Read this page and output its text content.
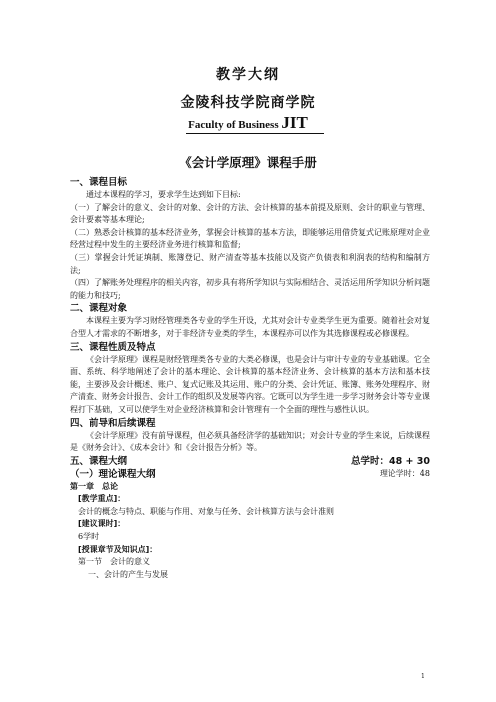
教学大纲
金陵科技学院商学院
Faculty of Business JIT
《会计学原理》课程手册
一、课程目标
通过本课程的学习，要求学生达到如下目标:
（一）了解会计的意义、会计的对象、会计的方法、会计核算的基本前提及原则、会计的职业与管理、会计要素等基本理论;
（二）熟悉会计核算的基本经济业务，掌握会计核算的基本方法，即能够运用借贷复式记账原理对企业经营过程中发生的主要经济业务进行核算和监督;
（三）掌握会计凭证填制、账簿登记、财产清查等基本技能以及资产负债表和利润表的结构和编制方法;
（四）了解账务处理程序的相关内容，初步具有将所学知识与实际相结合、灵活运用所学知识分析问题的能力和技巧;
二、课程对象
本课程主要为学习财经管理类各专业的学生开设，尤其对会计专业类学生更为重要。随着社会对复合型人才需求的不断增多，对于非经济专业类的学生，本课程亦可以作为其选修课程或必修课程。
三、课程性质及特点
《会计学原理》课程是财经管理类各专业的大类必修课，也是会计与审计专业的专业基础课。它全面、系统、科学地阐述了会计的基本理论、会计核算的基本经济业务、会计核算的基本方法和基本技能，主要涉及会计概述、账户、复式记账及其运用、账户的分类、会计凭证、账簿、账务处理程序、财产清查、财务会计报告、会计工作的组织及发展等内容。它既可以为学生进一步学习财务会计等专业课程打下基础，又可以使学生对企业经济核算和会计管理有一个全面的理性与感性认识。
四、前导和后续课程
《会计学原理》没有前导课程，但必须具备经济学的基础知识；对会计专业的学生来说，后续课程是《财务会计》、《成本会计》和《会计报告分析》等。
五、课程大纲	总学时：48 + 30
（一）理论课程大纲	理论学时：48
第一章　总论
[教学重点]：
会计的概念与特点、职能与作用、对象与任务、会计核算方法与会计准则
[建议课时]：
6学时
[授课章节及知识点]：
第一节　会计的意义
一、会计的产生与发展
1
